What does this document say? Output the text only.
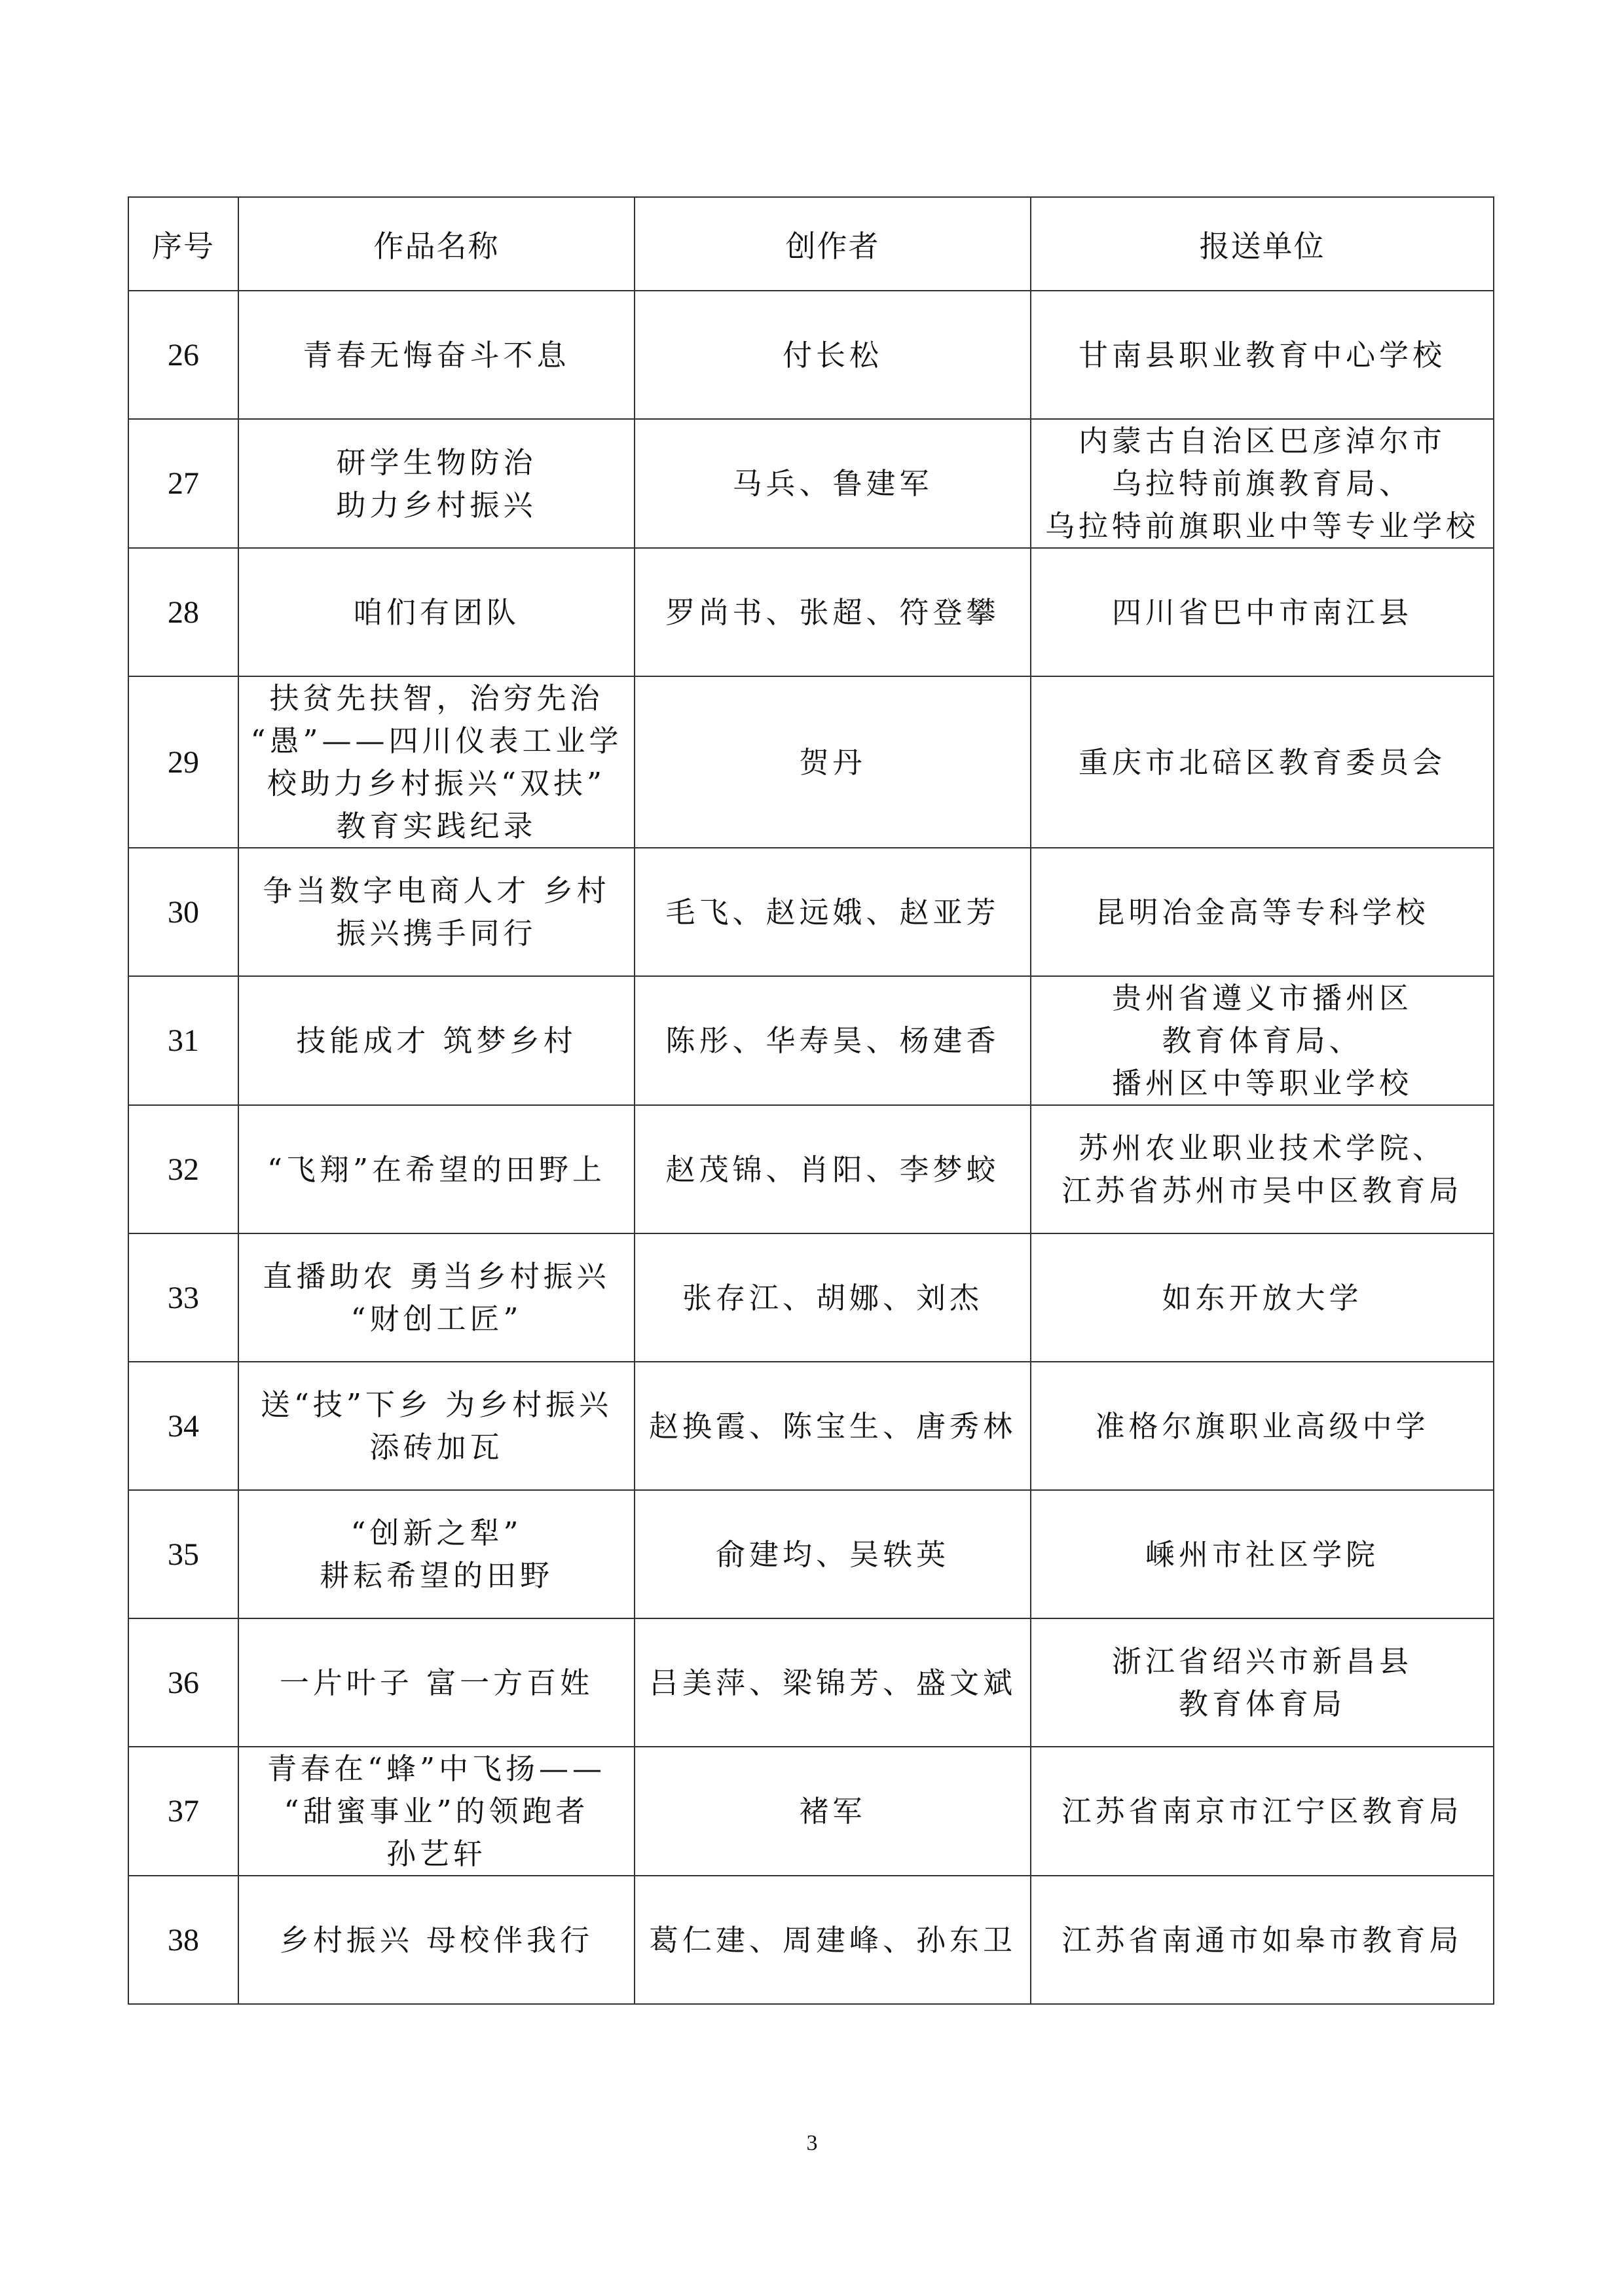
序号	作品名称	创作者	报送单位
26	青春无悔奋斗不息	付长松	甘南县职业教育中心学校

27	研学生物防治
助力乡村振兴	马兵、鲁建军	内蒙古自治区巴彦淖尔市
乌拉特前旗教育局、
乌拉特前旗职业中等专业学校

28	咱们有团队	罗尚书、张超、符登攀	四川省巴中市南江县

29	扶贫先扶智，治穷先治
“愚”——四川仪表工业学
校助力乡村振兴“双扶”
教育实践纪录	贺丹	重庆市北碚区教育委员会

30	争当数字电商人才 乡村
振兴携手同行	毛飞、赵远娥、赵亚芳	昆明冶金高等专科学校

31	技能成才 筑梦乡村	陈彤、华寿昊、杨建香	贵州省遵义市播州区
教育体育局、
播州区中等职业学校

32	“飞翔”在希望的田野上	赵茂锦、肖阳、李梦蛟	苏州农业职业技术学院、
江苏省苏州市吴中区教育局

33	直播助农 勇当乡村振兴
“财创工匠”	张存江、胡娜、刘杰	如东开放大学

34	送“技”下乡 为乡村振兴
添砖加瓦	赵换霞、陈宝生、唐秀林	准格尔旗职业高级中学

35	“创新之犁”
耕耘希望的田野	俞建均、吴轶英	嵊州市社区学院

36	一片叶子 富一方百姓	吕美萍、梁锦芳、盛文斌	浙江省绍兴市新昌县
教育体育局

37	青春在“蜂”中飞扬——
“甜蜜事业”的领跑者
孙艺轩	褚军	江苏省南京市江宁区教育局

38	乡村振兴 母校伴我行	葛仁建、周建峰、孙东卫	江苏省南通市如皋市教育局
3
